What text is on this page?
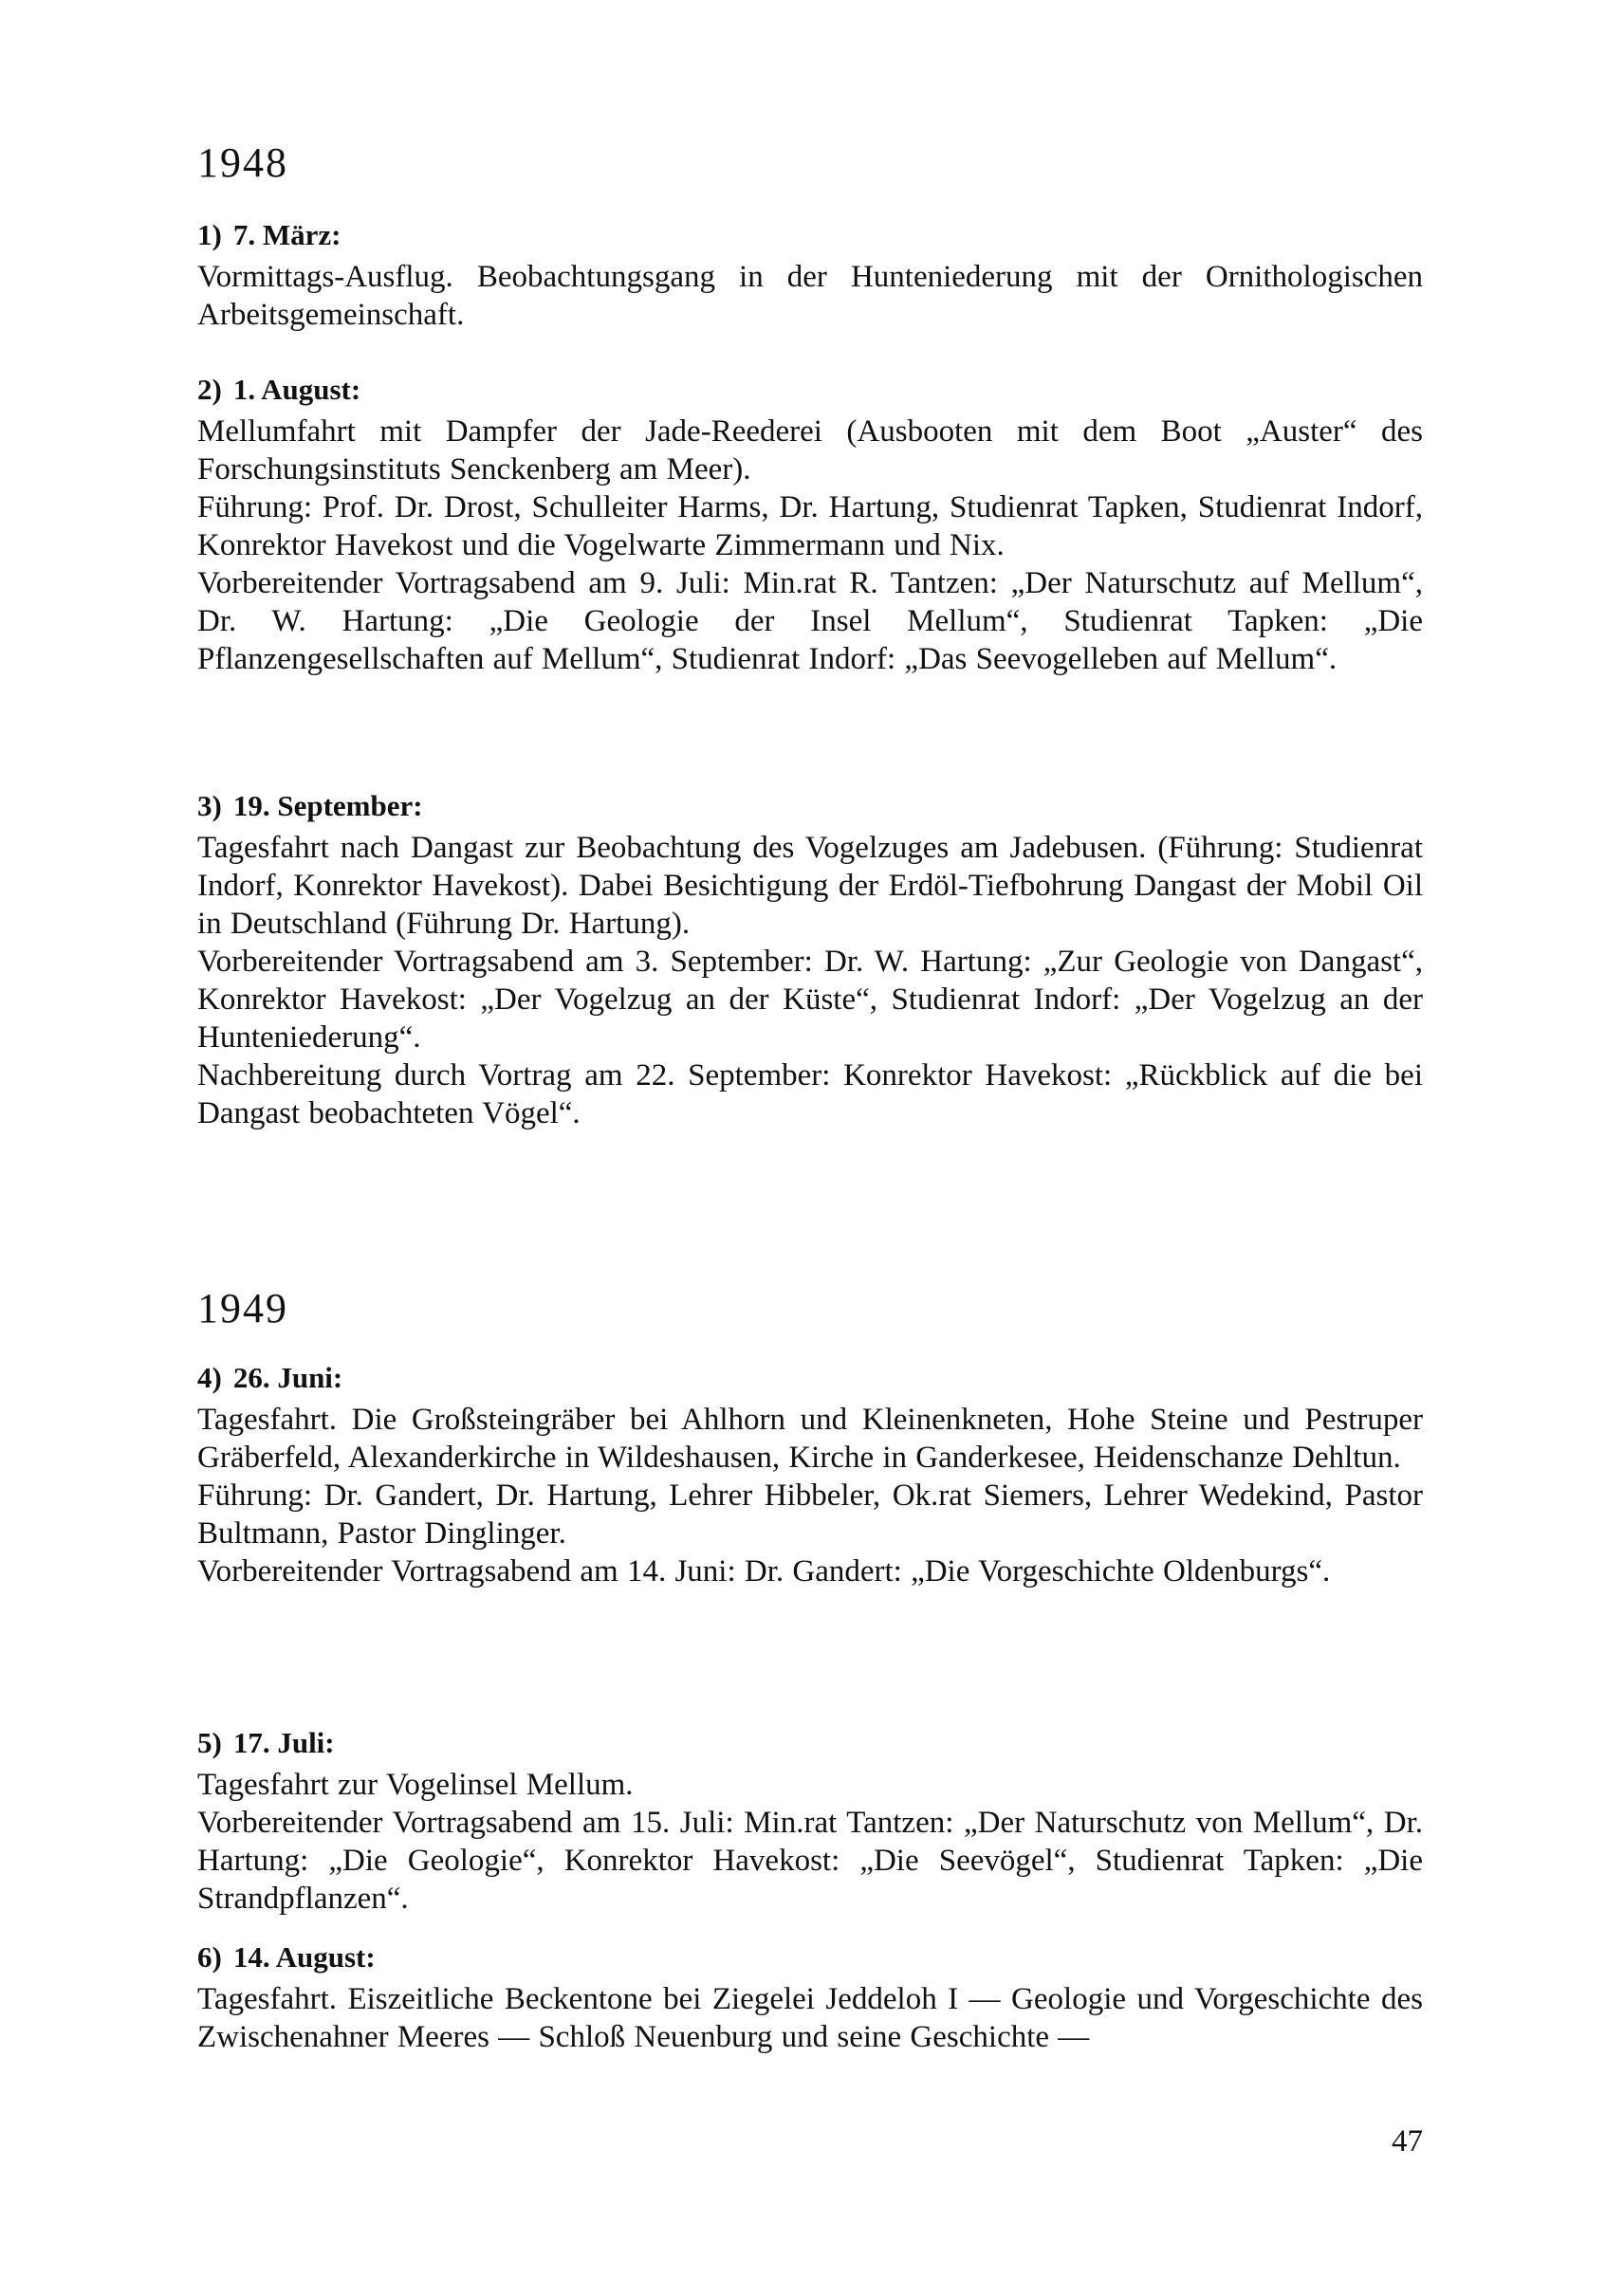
1948
1) 7. März:

Vormittags-Ausflug. Beobachtungsgang in der Hunteniederung mit der Ornithologischen Arbeitsgemeinschaft.

2) 1. August:

Mellumfahrt mit Dampfer der Jade-Reederei (Ausbooten mit dem Boot „Auster“ des Forschungsinstituts Senckenberg am Meer).

Führung: Prof. Dr. Drost, Schulleiter Harms, Dr. Hartung, Studienrat Tapken, Studienrat Indorf, Konrektor Havekost und die Vogelwarte Zimmermann und Nix.

Vorbereitender Vortragsabend am 9. Juli: Min.rat R. Tantzen: „Der Naturschutz auf Mellum“, Dr. W. Hartung: „Die Geologie der Insel Mellum“, Studienrat Tapken: „Die Pflanzengesellschaften auf Mellum“, Studienrat Indorf: „Das Seevogelleben auf Mellum“.

3) 19. September:

Tagesfahrt nach Dangast zur Beobachtung des Vogelzuges am Jadebusen. (Führung: Studienrat Indorf, Konrektor Havekost). Dabei Besichtigung der Erdöl-Tiefbohrung Dangast der Mobil Oil in Deutschland (Führung Dr. Hartung).

Vorbereitender Vortragsabend am 3. September: Dr. W. Hartung: „Zur Geologie von Dangast“, Konrektor Havekost: „Der Vogelzug an der Küste“, Studienrat Indorf: „Der Vogelzug an der Hunteniederung“.

Nachbereitung durch Vortrag am 22. September: Konrektor Havekost: „Rückblick auf die bei Dangast beobachteten Vögel“.

1949
4) 26. Juni:

Tagesfahrt. Die Großsteingräber bei Ahlhorn und Kleinenkneten, Hohe Steine und Pestruper Gräberfeld, Alexanderkirche in Wildeshausen, Kirche in Ganderkesee, Heidenschanze Dehltun.

Führung: Dr. Gandert, Dr. Hartung, Lehrer Hibbeler, Ok.rat Siemers, Lehrer Wedekind, Pastor Bultmann, Pastor Dinglinger.

Vorbereitender Vortragsabend am 14. Juni: Dr. Gandert: „Die Vorgeschichte Oldenburgs“.

5) 17. Juli:

Tagesfahrt zur Vogelinsel Mellum.

Vorbereitender Vortragsabend am 15. Juli: Min.rat Tantzen: „Der Naturschutz von Mellum“, Dr. Hartung: „Die Geologie“, Konrektor Havekost: „Die Seevögel“, Studienrat Tapken: „Die Strandpflanzen“.

6) 14. August:

Tagesfahrt. Eiszeitliche Beckentone bei Ziegelei Jeddeloh I — Geologie und Vorgeschichte des Zwischenahner Meeres — Schloß Neuenburg und seine Geschichte —

47
